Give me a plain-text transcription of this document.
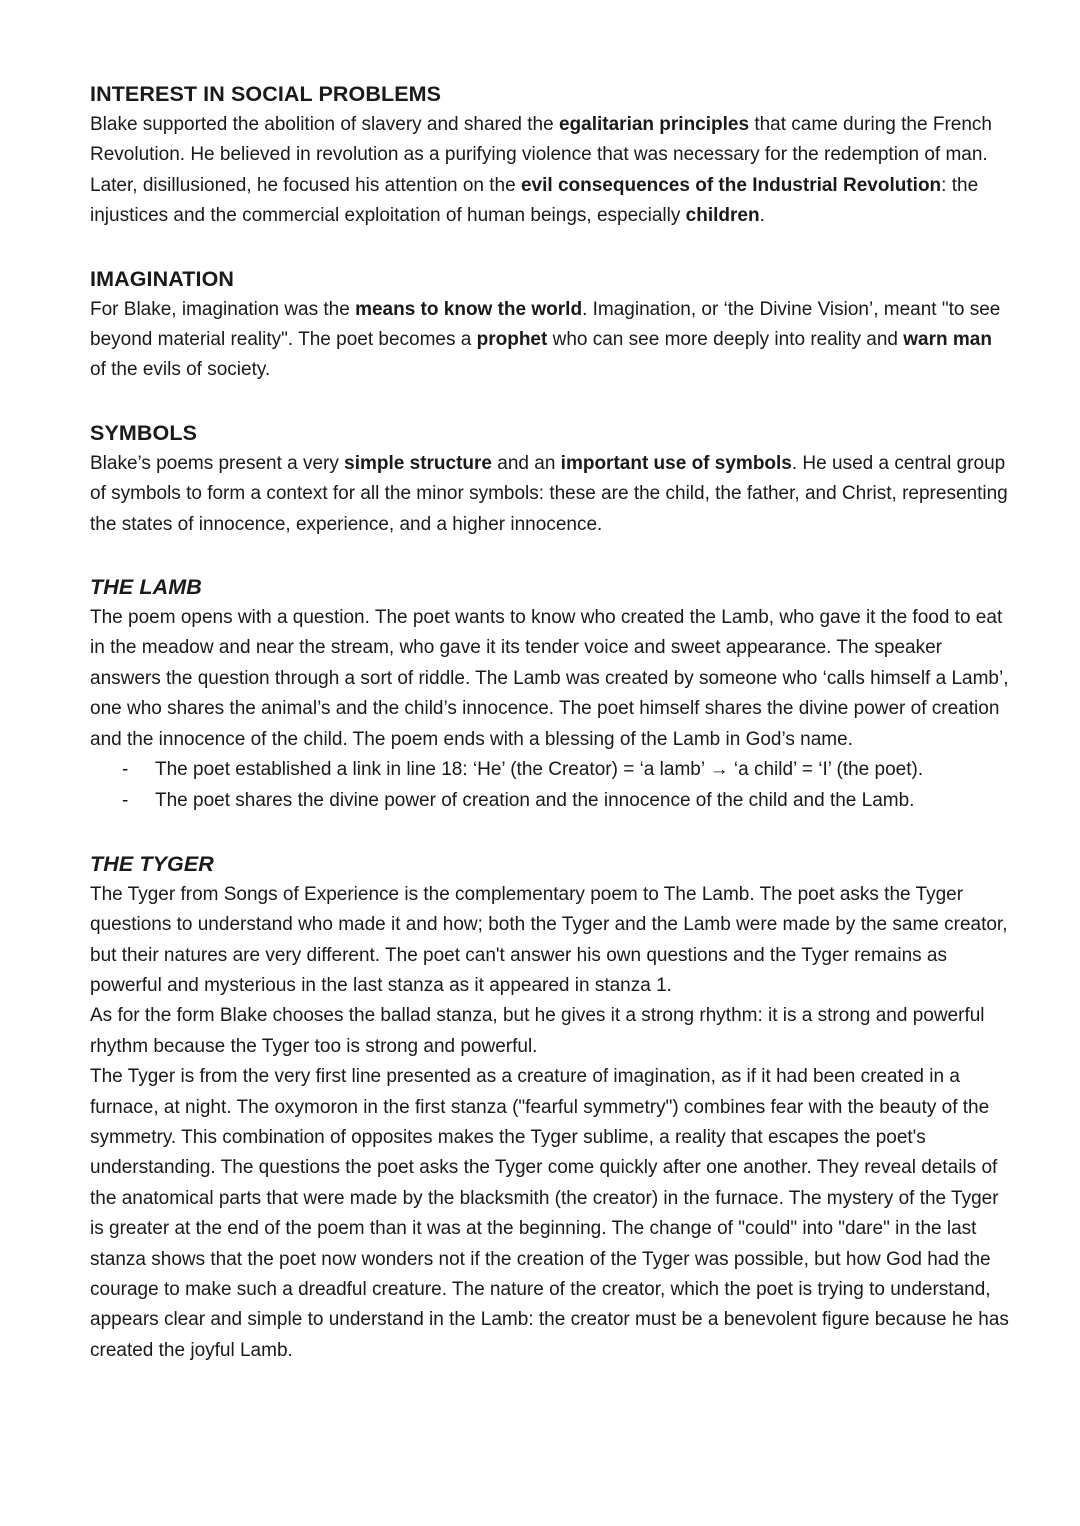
INTEREST IN SOCIAL PROBLEMS

Blake supported the abolition of slavery and shared the egalitarian principles that came during the French Revolution. He believed in revolution as a purifying violence that was necessary for the redemption of man. Later, disillusioned, he focused his attention on the evil consequences of the Industrial Revolution: the injustices and the commercial exploitation of human beings, especially children.

IMAGINATION

For Blake, imagination was the means to know the world. Imagination, or ‘the Divine Vision’, meant "to see beyond material reality". The poet becomes a prophet who can see more deeply into reality and warn man of the evils of society.

SYMBOLS

Blake’s poems present a very simple structure and an important use of symbols. He used a central group of symbols to form a context for all the minor symbols: these are the child, the father, and Christ, representing the states of innocence, experience, and a higher innocence.

THE LAMB

The poem opens with a question. The poet wants to know who created the Lamb, who gave it the food to eat in the meadow and near the stream, who gave it its tender voice and sweet appearance. The speaker answers the question through a sort of riddle. The Lamb was created by someone who ‘calls himself a Lamb’, one who shares the animal’s and the child’s innocence. The poet himself shares the divine power of creation and the innocence of the child. The poem ends with a blessing of the Lamb in God’s name.

- The poet established a link in line 18: ‘He’ (the Creator) = ‘a lamb’ → ‘a child’ = ‘I’ (the poet).
- The poet shares the divine power of creation and the innocence of the child and the Lamb.
THE TYGER

The Tyger from Songs of Experience is the complementary poem to The Lamb. The poet asks the Tyger questions to understand who made it and how; both the Tyger and the Lamb were made by the same creator, but their natures are very different. The poet can't answer his own questions and the Tyger remains as powerful and mysterious in the last stanza as it appeared in stanza 1.

As for the form Blake chooses the ballad stanza, but he gives it a strong rhythm: it is a strong and powerful rhythm because the Tyger too is strong and powerful.

The Tyger is from the very first line presented as a creature of imagination, as if it had been created in a furnace, at night. The oxymoron in the first stanza ("fearful symmetry") combines fear with the beauty of the symmetry. This combination of opposites makes the Tyger sublime, a reality that escapes the poet's understanding. The questions the poet asks the Tyger come quickly after one another. They reveal details of the anatomical parts that were made by the blacksmith (the creator) in the furnace. The mystery of the Tyger is greater at the end of the poem than it was at the beginning. The change of "could" into "dare" in the last stanza shows that the poet now wonders not if the creation of the Tyger was possible, but how God had the courage to make such a dreadful creature. The nature of the creator, which the poet is trying to understand, appears clear and simple to understand in the Lamb: the creator must be a benevolent figure because he has created the joyful Lamb.
